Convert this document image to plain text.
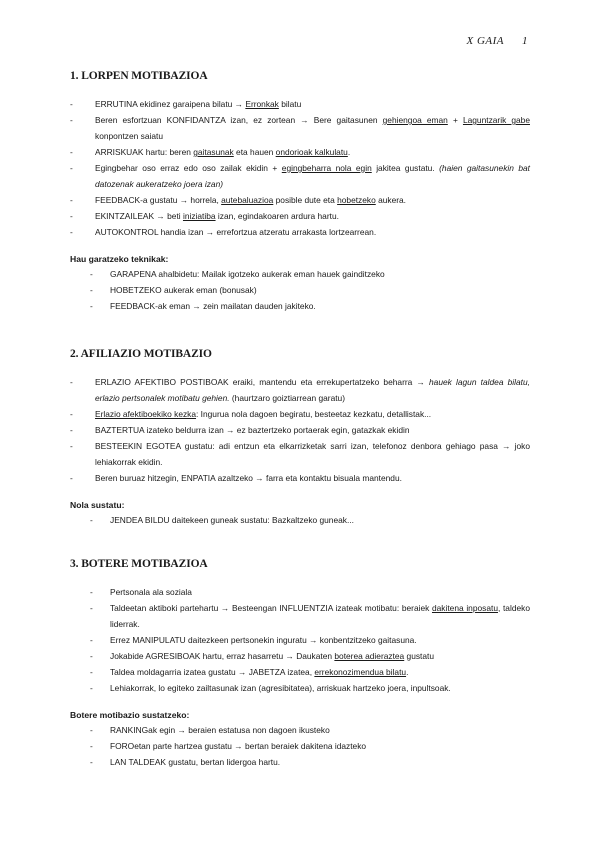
X GAIA 1
1. LORPEN MOTIBAZIOA
- ERRUTINA ekidinez garaipena bilatu → Erronkak bilatu
- Beren esfortzuan KONFIDANTZA izan, ez zortean → Bere gaitasunen gehiengoa eman + Laguntzarik gabe konpontzen saiatu
- ARRISKUAK hartu: beren gaitasunak eta hauen ondorioak kalkulatu.
- Egingbehar oso erraz edo oso zailak ekidin + egingbeharra nola egin jakitea gustatu. (haien gaitasunekin bat datozenak aukeratzeko joera izan)
- FEEDBACK-a gustatu → horrela, autebaluazioa posible dute eta hobetzeko aukera.
- EKINTZAILEAK → beti iniziatiba izan, egindakoaren ardura hartu.
- AUTOKONTROL handia izan → errefortzua atzeratu arrakasta lortzearrean.
Hau garatzeko teknikak:
- GARAPENA ahalbidetu: Mailak igotzeko aukerak eman hauek gainditzeko
- HOBETZEKO aukerak eman (bonusak)
- FEEDBACK-ak eman → zein mailatan dauden jakiteko.
2. AFILIAZIO MOTIBAZIO
- ERLAZIO AFEKTIBO POSTIBOAK eraiki, mantendu eta errekupertatzeko beharra → hauek lagun taldea bilatu, erlazio pertsonalek motibatu gehien. (haurtzaro goiztiarrean garatu)
- Erlazio afektiboekiko kezka: Ingurua nola dagoen begiratu, besteetaz kezkatu, detallistak...
- BAZTERTUA izateko beldurra izan → ez baztertzeko portaerak egin, gatazkak ekidin
- BESTEEKIN EGOTEA gustatu: adi entzun eta elkarrizketak sarri izan, telefonoz denbora gehiago pasa → joko lehiakorrak ekidin.
- Beren buruaz hitzegin, ENPATIA azaltzeko → farra eta kontaktu bisuala mantendu.
Nola sustatu:
- JENDEA BILDU daitekeen guneak sustatu: Bazkaltzeko guneak...
3. BOTERE MOTIBAZIOA
- Pertsonala ala soziala
- Taldeetan aktiboki partehartu → Besteengan INFLUENTZIA izateak motibatu: beraiek dakitena inposatu, taldeko liderrak.
- Errez MANIPULATU daitezkeen pertsonekin inguratu → konbentzitzeko gaitasuna.
- Jokabide AGRESIBOAK hartu, erraz hasarretu → Daukaten boterea adieraztea gustatu
- Taldea moldagarria izatea gustatu → JABETZA izatea, errekonozimendua bilatu.
- Lehiakorrak, lo egiteko zailtasunak izan (agresibitatea), arriskuak hartzeko joera, inpultsoak.
Botere motibazio sustatzeko:
- RANKINGak egin → beraien estatusa non dagoen ikusteko
- FOROetan parte hartzea gustatu → bertan beraiek dakitena idazteko
- LAN TALDEAK gustatu, bertan lidergoa hartu.
